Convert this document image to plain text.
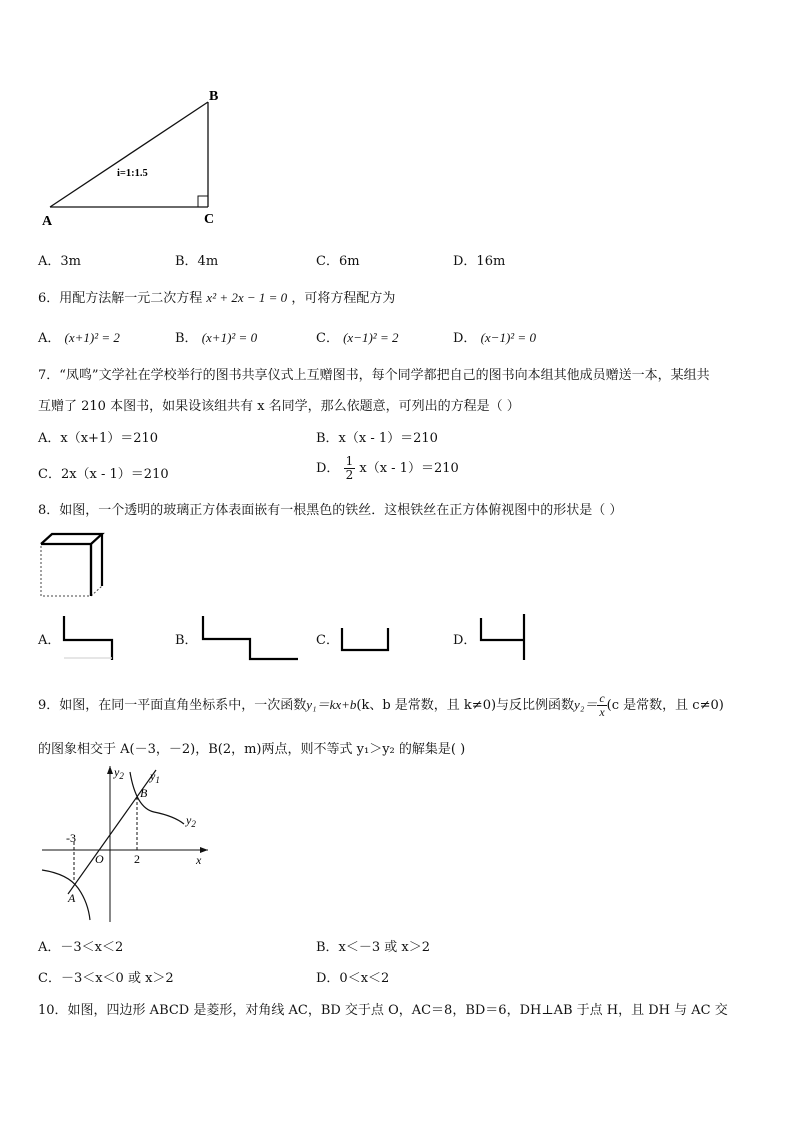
B
A	C
i=1:1.5
A．3m	B．4m	C．6m	D．16m
6．用配方法解一元二次方程 x² + 2x − 1 = 0 ，可将方程配方为
A． (x+1)² = 2	B． (x+1)² = 0	C． (x−1)² = 2	D． (x−1)² = 0
7．“凤鸣”文学社在学校举行的图书共享仪式上互赠图书，每个同学都把自己的图书向本组其他成员赠送一本，某组共
互赠了 210 本图书，如果设该组共有 x 名同学，那么依题意，可列出的方程是（ ）
A．x（x+1）＝210	B．x（x - 1）＝210
C．2x（x - 1）＝210	D． $\frac{1}{2} x(x - 1)=210$
8．如图，一个透明的玻璃正方体表面嵌有一根黑色的铁丝．这根铁丝在正方体俯视图中的形状是（ ）
A．	B．	C．	D．
9．如图，在同一平面直角坐标系中，一次函数y₁＝kx+b(k、b 是常数，且 k≠0)与反比例函数$y_2= \frac{c}{x} (c$ 是常数，且 c≠0)
的图象相交于 A(－3，－2)，B(2，m)两点，则不等式 y₁＞y₂ 的解集是( )
$y_2$ $y_1$
B
$y_2$
-3
O	2	x
A
A．－3＜x＜2	B．x＜－3 或 x＞2
C．－3＜x＜0 或 x＞2	D．0＜x＜2
10．如图，四边形 ABCD 是菱形，对角线 AC，BD 交于点 O，AC＝8，BD＝6，DH⊥AB 于点 H，且 DH 与 AC 交
